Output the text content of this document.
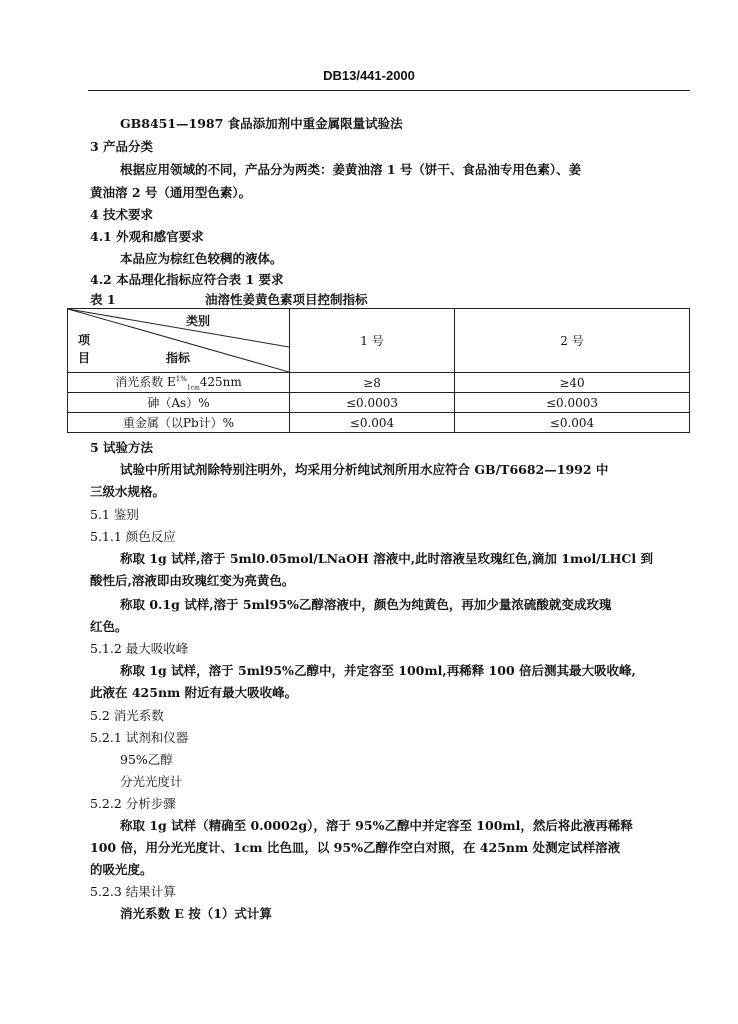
DB13/441-2000
GB8451—1987 食品添加剂中重金属限量试验法
3 产品分类
根据应用领域的不同，产品分为两类：姜黄油溶 1 号（饼干、食品油专用色素）、姜
黄油溶 2 号（通用型色素）。
4 技术要求
4.1 外观和感官要求
本品应为棕红色较稠的液体。
4.2 本品理化指标应符合表 1 要求
表 1	油溶性姜黄色素项目控制指标
类别
项
目 指标	1 号	2 号
消光系数 $E^{1\%}_{1cm}425nm$	≥8	≥40
砷（As）%	≤0.0003	≤0.0003
重金属（以Pb计）%	≤0.004	≤0.004
5 试验方法
试验中所用试剂除特别注明外，均采用分析纯试剂所用水应符合 GB/T6682—1992 中
三级水规格。
5.1 鉴别
5.1.1 颜色反应
称取 1g 试样,溶于 5ml0.05mol/LNaOH 溶液中,此时溶液呈玫瑰红色,滴加 1mol/LHCl 到
酸性后,溶液即由玫瑰红变为亮黄色。
称取 0.1g 试样,溶于 5ml95%乙醇溶液中，颜色为纯黄色，再加少量浓硫酸就变成玫瑰
红色。
5.1.2 最大吸收峰
称取 1g 试样，溶于 5ml95%乙醇中，并定容至 100ml,再稀释 100 倍后测其最大吸收峰,
此液在 425nm 附近有最大吸收峰。
5.2 消光系数
5.2.1 试剂和仪器
95%乙醇
分光光度计
5.2.2 分析步骤
称取 1g 试样（精确至 0.0002g），溶于 95%乙醇中并定容至 100ml，然后将此液再稀释
100 倍，用分光光度计、1cm 比色皿，以 95%乙醇作空白对照，在 425nm 处测定试样溶液
的吸光度。
5.2.3 结果计算
消光系数 E 按（1）式计算
